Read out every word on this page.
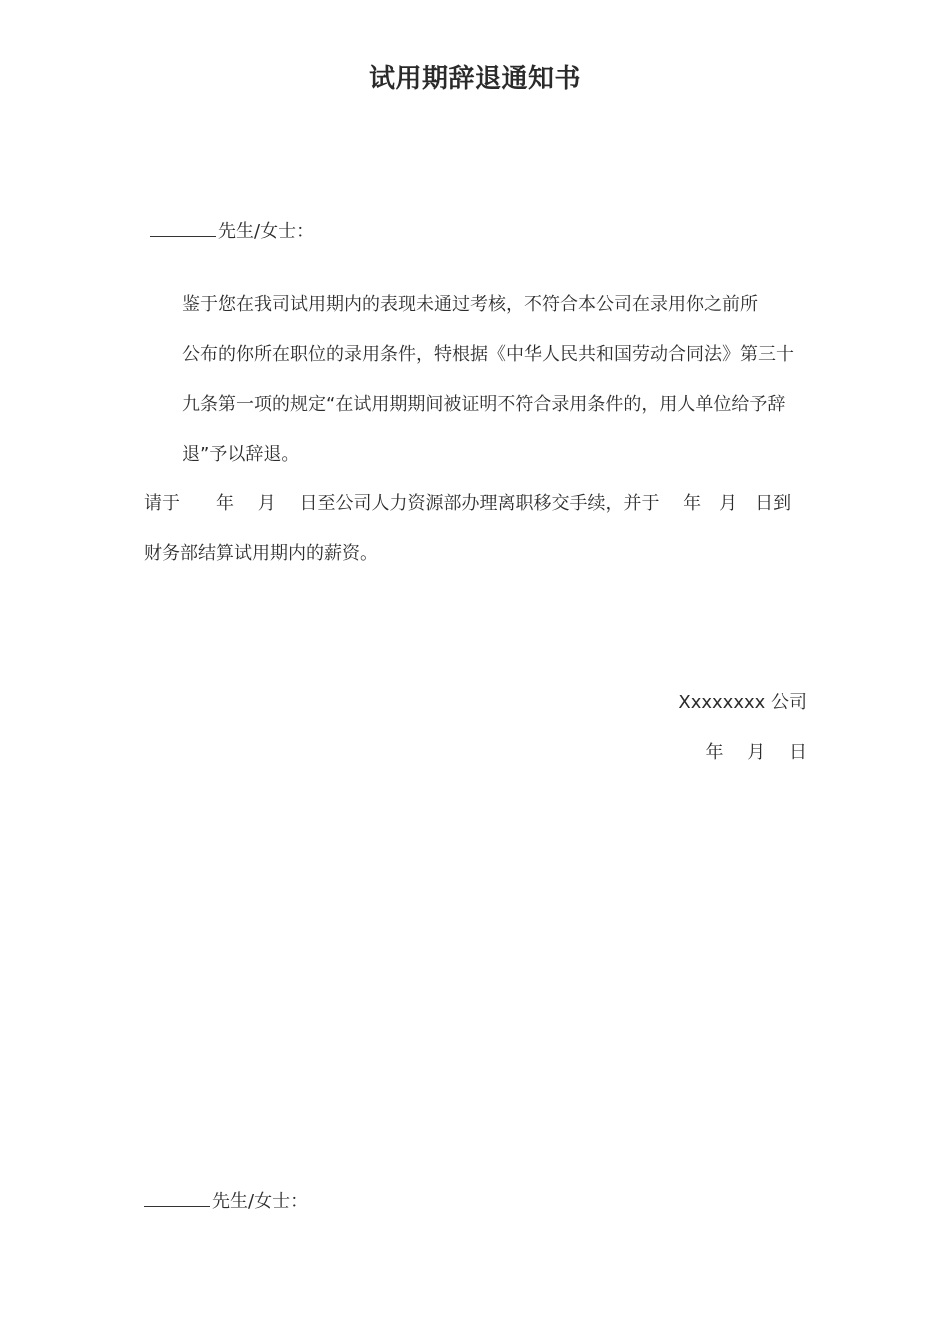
试用期辞退通知书
先生/女士：
鉴于您在我司试用期内的表现未通过考核，不符合本公司在录用你之前所
公布的你所在职位的录用条件，特根据《中华人民共和国劳动合同法》第三十
九条第一项的规定“在试用期期间被证明不符合录用条件的，用人单位给予辞
退”予以辞退。
请于　　年　 月　 日至公司人力资源部办理离职移交手续，并于　 年　月　日到
财务部结算试用期内的薪资。
Xxxxxxxx 公司
年　 月　 日
先生/女士：
